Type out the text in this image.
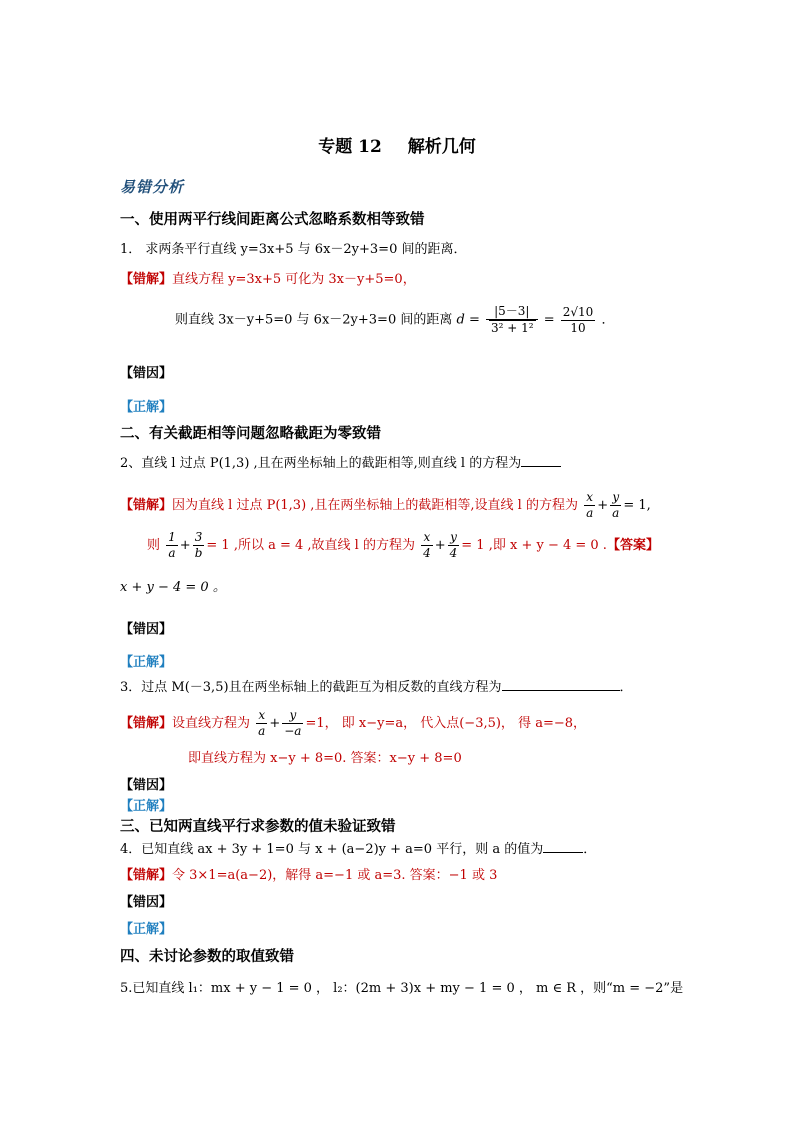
专题 12 解析几何
易错分析
一、使用两平行线间距离公式忽略系数相等致错
1． 求两条平行直线 y=3x+5 与 6x－2y+3=0 间的距离．
【错解】直线方程 y=3x+5 可化为 3x－y+5=0，
则直线 3x－y+5=0 与 6x－2y+3=0 间的距离 $d = \frac{|5-3|}{\text{3² + 1²}} = \frac{2√10}{10}$ ．
【错因】
【正解】
二、有关截距相等问题忽略截距为零致错
2、直线 l 过点 P(1,3) ,且在两坐标轴上的截距相等,则直线 l 的方程为
【错解】因为直线 l 过点 P(1,3) ,且在两坐标轴上的截距相等,设直线 l 的方程为 $\frac{x}{a} + \frac{y}{a} = 1$,
则 $\frac{1}{a} + \frac{3}{b} = 1$ ,所以 a = 4 ,故直线 l 的方程为 $\frac{x}{4} + \frac{y}{4} = 1$ ,即 x + y − 4 = 0 .【答案】
x + y − 4 = 0 。
【错因】
【正解】
3．过点 M(－3,5)且在两坐标轴上的截距互为相反数的直线方程为	．
【错解】设直线方程为 $\frac{x}{a} + \frac{y}{-a} =1$， 即 x−y=a， 代入点(−3,5)， 得 a=−8，
即直线方程为 x−y + 8=0. 答案：x−y + 8=0
【错因】
【正解】
三、已知两直线平行求参数的值未验证致错
4．已知直线 ax + 3y + 1=0 与 x + (a−2)y + a=0 平行，则 a 的值为	．
【错解】令 3×1=a(a−2)，解得 a=−1 或 a=3. 答案：−1 或 3
【错因】
【正解】
四、未讨论参数的取值致错
5.已知直线 l₁：mx + y − 1 = 0 ， l₂：(2m + 3)x + my − 1 = 0 ， m ∈ R ，则“m = −2”是
